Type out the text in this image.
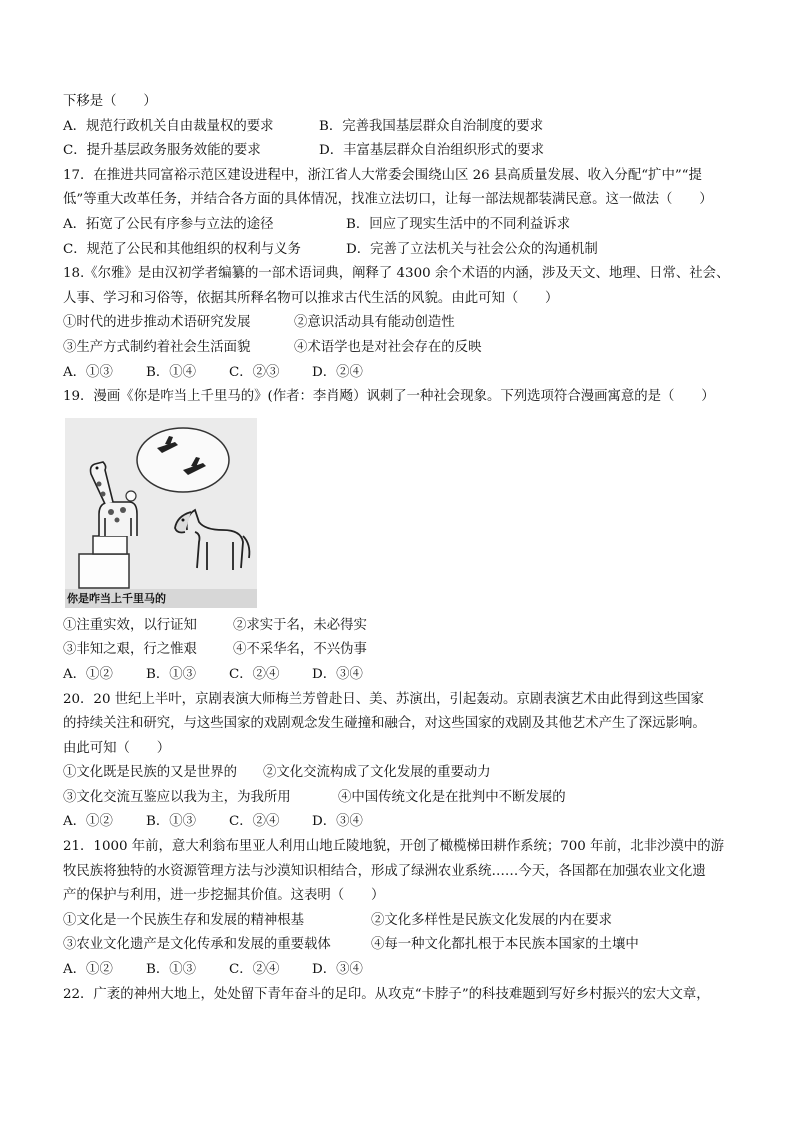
下移是（　　）
A．规范行政机关自由裁量权的要求	B．完善我国基层群众自治制度的要求
C．提升基层政务服务效能的要求	D．丰富基层群众自治组织形式的要求
17．在推进共同富裕示范区建设进程中，浙江省人大常委会围绕山区 26 县高质量发展、收入分配“扩中”“提
低”等重大改革任务，并结合各方面的具体情况，找准立法切口，让每一部法规都装满民意。这一做法（　　）
A．拓宽了公民有序参与立法的途径	B．回应了现实生活中的不同利益诉求
C．规范了公民和其他组织的权利与义务	D．完善了立法机关与社会公众的沟通机制
18.《尔雅》是由汉初学者编纂的一部术语词典，阐释了 4300 余个术语的内涵，涉及天文、地理、日常、社会、
人事、学习和习俗等，依据其所释名物可以推求古代生活的风貌。由此可知（　　）
①时代的进步推动术语研究发展	②意识活动具有能动创造性
③生产方式制约着社会生活面貌	④术语学也是对社会存在的反映
A．①③ B．①④ C．②③ D．②④
19．漫画《你是咋当上千里马的》(作者：李肖飏）讽刺了一种社会现象。下列选项符合漫画寓意的是（　　）
你是咋当上千里马的
①注重实效，以行证知	②求实于名，未必得实
③非知之艰，行之惟艰	④不采华名，不兴伪事
A．①② B．①③ C．②④ D．③④
20．20 世纪上半叶，京剧表演大师梅兰芳曾赴日、美、苏演出，引起轰动。京剧表演艺术由此得到这些国家
的持续关注和研究，与这些国家的戏剧观念发生碰撞和融合，对这些国家的戏剧及其他艺术产生了深远影响。
由此可知（　　）
①文化既是民族的又是世界的 ②文化交流构成了文化发展的重要动力
③文化交流互鉴应以我为主，为我所用	④中国传统文化是在批判中不断发展的
A．①② B．①③ C．②④ D．③④
21．1000 年前，意大利翁布里亚人利用山地丘陵地貌，开创了橄榄梯田耕作系统；700 年前，北非沙漠中的游
牧民族将独特的水资源管理方法与沙漠知识相结合，形成了绿洲农业系统……今天，各国都在加强农业文化遗
产的保护与利用，进一步挖掘其价值。这表明（　　）
①文化是一个民族生存和发展的精神根基	②文化多样性是民族文化发展的内在要求
③农业文化遗产是文化传承和发展的重要载体	④每一种文化都扎根于本民族本国家的土壤中
A．①② B．①③ C．②④ D．③④
22．广袤的神州大地上，处处留下青年奋斗的足印。从攻克“卡脖子”的科技难题到写好乡村振兴的宏大文章，
